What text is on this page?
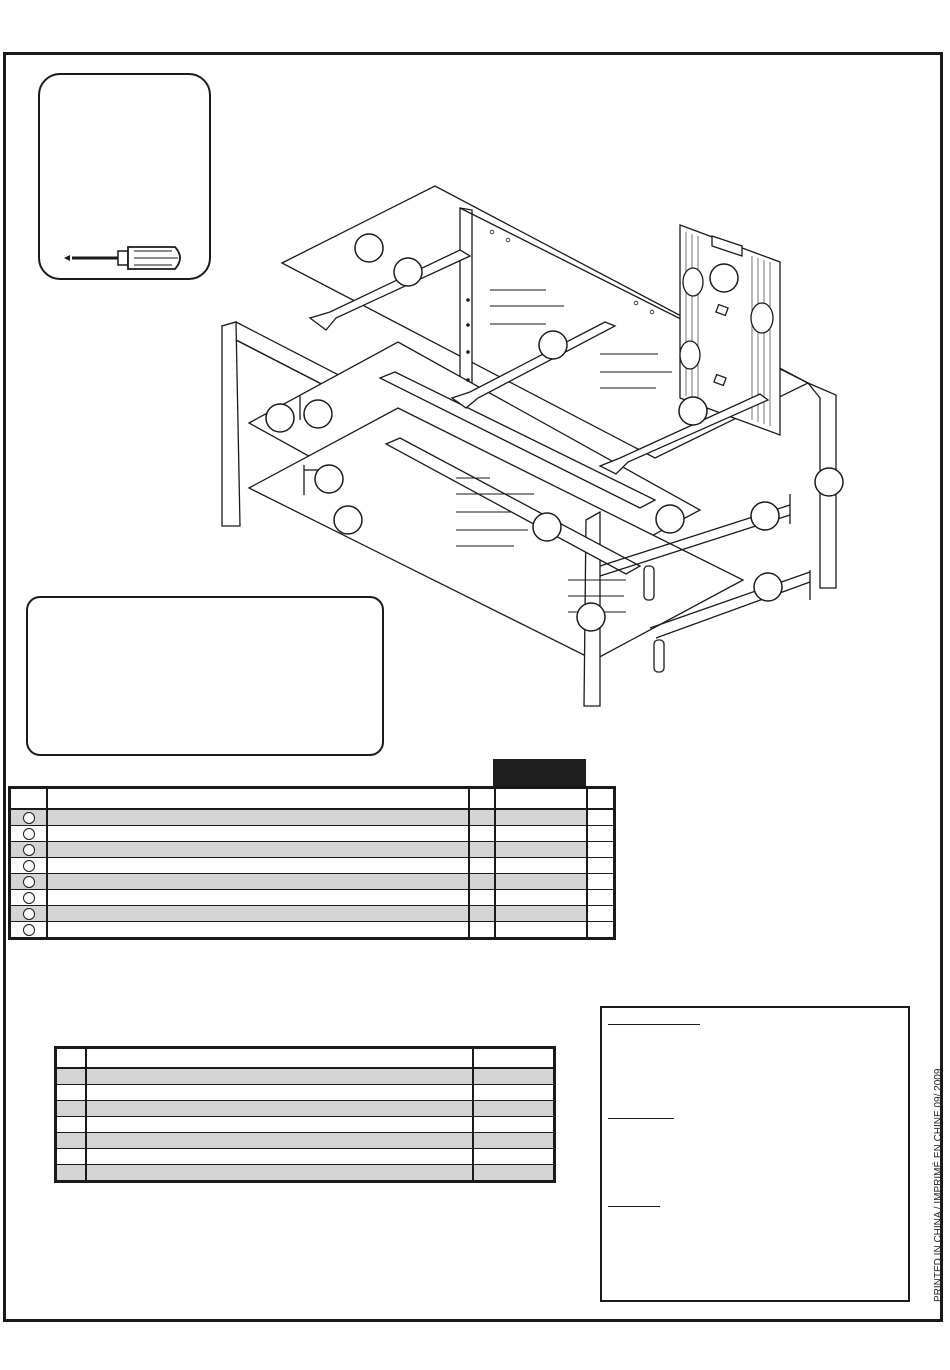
PRINTED IN CHINA / IMPRIMÉ EN CHINE 09/ 2009
